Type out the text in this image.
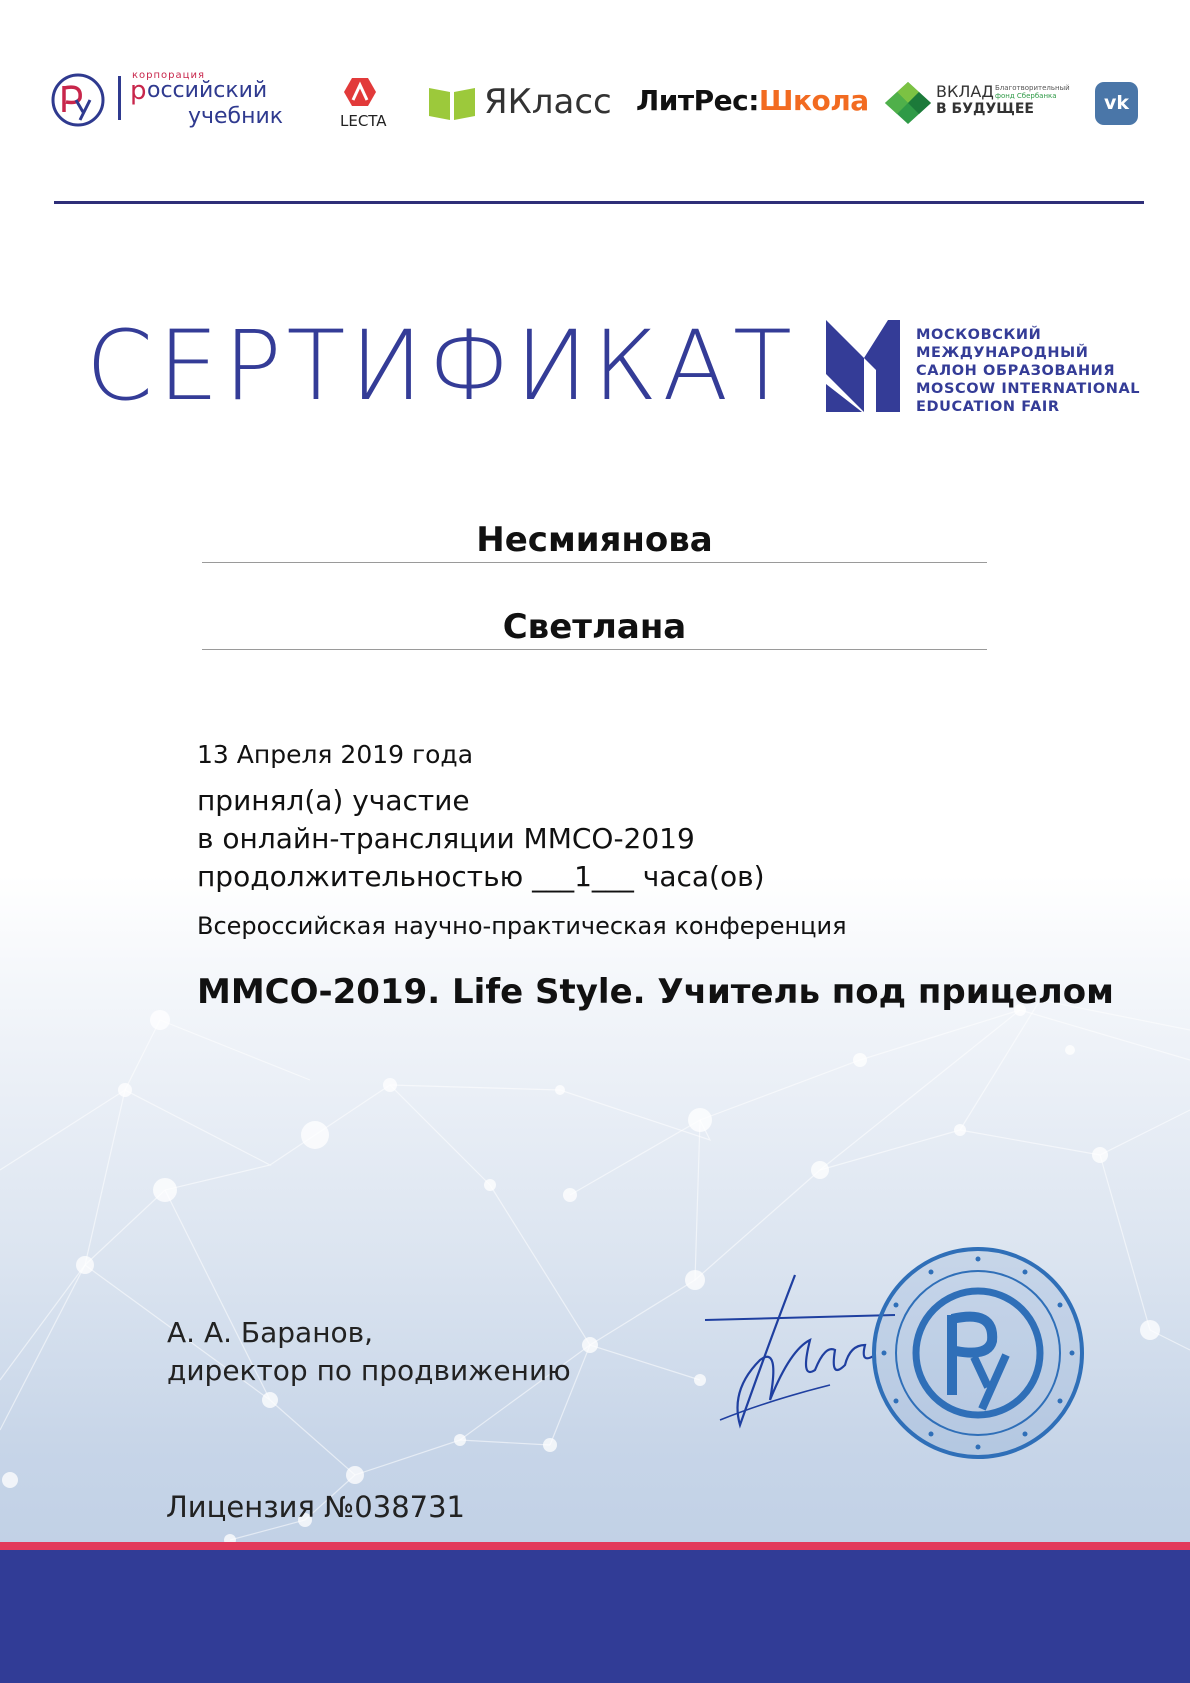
корпорация
р оссийский
учебник	LECTA	ЯКласс ЛитРес:Школа	ВКЛАД
В БУДУЩЕЕ
Благотворительный
фонд Сбербанка	vk
СЕРТИФИКАТ	МОСКОВСКИЙ
МЕЖДУНАРОДНЫЙ
САЛОН ОБРАЗОВАНИЯ
MOSCOW INTERNATIONAL
EDUCATION FAIR
Несмиянова
Светлана
13 Апреля 2019 года
принял(а) участие
в онлайн-трансляции ММСО-2019
продолжительностью ___1___ часа(ов)
Всероссийская научно-практическая конференция
ММСО-2019. Life Style. Учитель под прицелом
А. А. Баранов,
директор по продвижению
Лицензия №038731
